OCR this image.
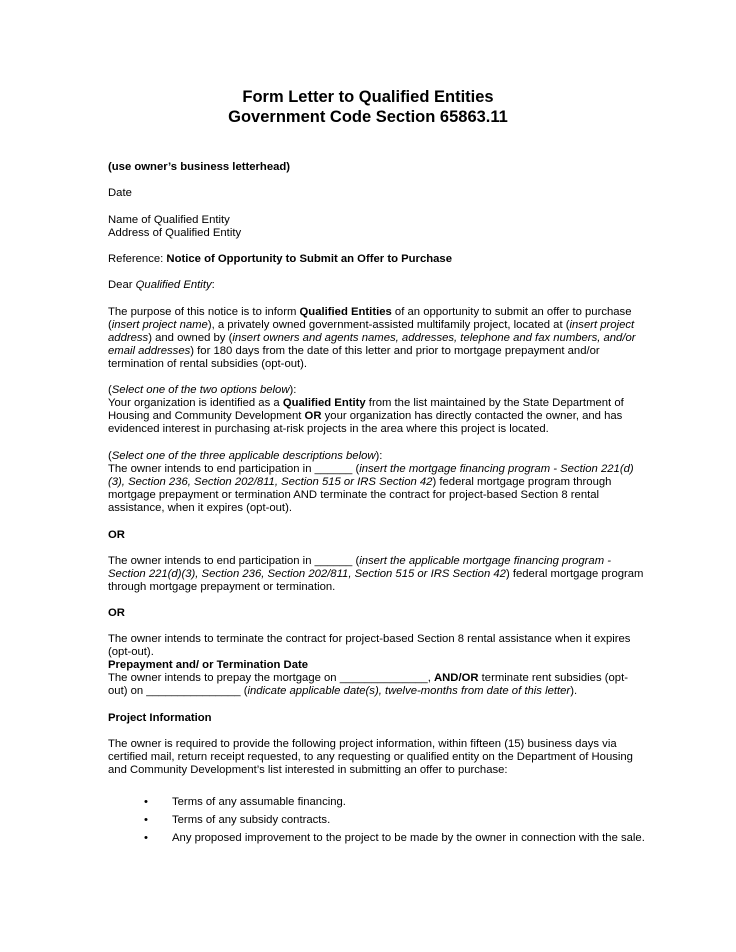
Form Letter to Qualified Entities
Government Code Section 65863.11

(use owner’s business letterhead)

Date

Name of Qualified Entity

Address of Qualified Entity

Reference: Notice of Opportunity to Submit an Offer to Purchase

Dear Qualified Entity:

The purpose of this notice is to inform Qualified Entities of an opportunity to submit an offer to purchase (insert project name), a privately owned government-assisted multifamily project, located at (insert project address) and owned by (insert owners and agents names, addresses, telephone and fax numbers, and/or email addresses) for 180 days from the date of this letter and prior to mortgage prepayment and/or termination of rental subsidies (opt-out).

(Select one of the two options below):

Your organization is identified as a Qualified Entity from the list maintained by the State Department of Housing and Community Development OR your organization has directly contacted the owner, and has evidenced interest in purchasing at-risk projects in the area where this project is located.

(Select one of the three applicable descriptions below):

The owner intends to end participation in ______ (insert the mortgage financing program - Section 221(d)(3), Section 236, Section 202/811, Section 515 or IRS Section 42) federal mortgage program through mortgage prepayment or termination AND terminate the contract for project-based Section 8 rental assistance, when it expires (opt-out).

OR

The owner intends to end participation in ______ (insert the applicable mortgage financing program - Section 221(d)(3), Section 236, Section 202/811, Section 515 or IRS Section 42) federal mortgage program through mortgage prepayment or termination.

OR

The owner intends to terminate the contract for project-based Section 8 rental assistance when it expires (opt-out).

Prepayment and/ or Termination Date

The owner intends to prepay the mortgage on ______________, AND/OR terminate rent subsidies (opt-out) on _______________ (indicate applicable date(s), twelve-months from date of this letter).

Project Information

The owner is required to provide the following project information, within fifteen (15) business days via certified mail, return receipt requested, to any requesting or qualified entity on the Department of Housing and Community Development’s list interested in submitting an offer to purchase:

• Terms of any assumable financing.
• Terms of any subsidy contracts.
• Any proposed improvement to the project to be made by the owner in connection with the sale.
